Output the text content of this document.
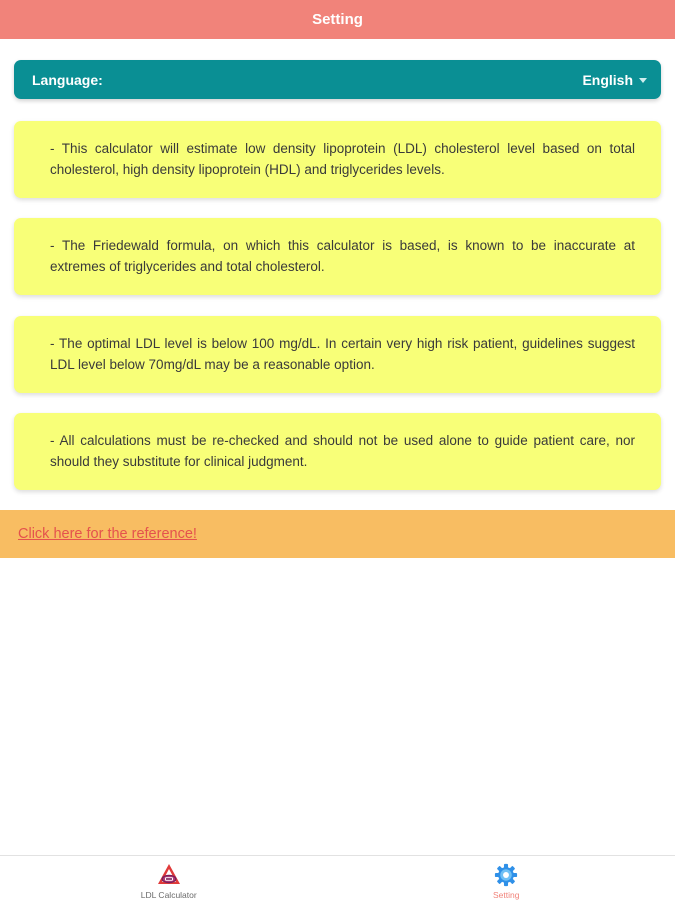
Setting
Language:	English

- This calculator will estimate low density lipoprotein (LDL) cholesterol level based on total cholesterol, high density lipoprotein (HDL) and triglycerides levels.

- The Friedewald formula, on which this calculator is based, is known to be inaccurate at extremes of triglycerides and total cholesterol.

- The optimal LDL level is below 100 mg/dL. In certain very high risk patient, guidelines suggest LDL level below 70mg/dL may be a reasonable option.

- All calculations must be re-checked and should not be used alone to guide patient care, nor should they substitute for clinical judgment.

Click here for the reference!
LDL Calculator	Setting
